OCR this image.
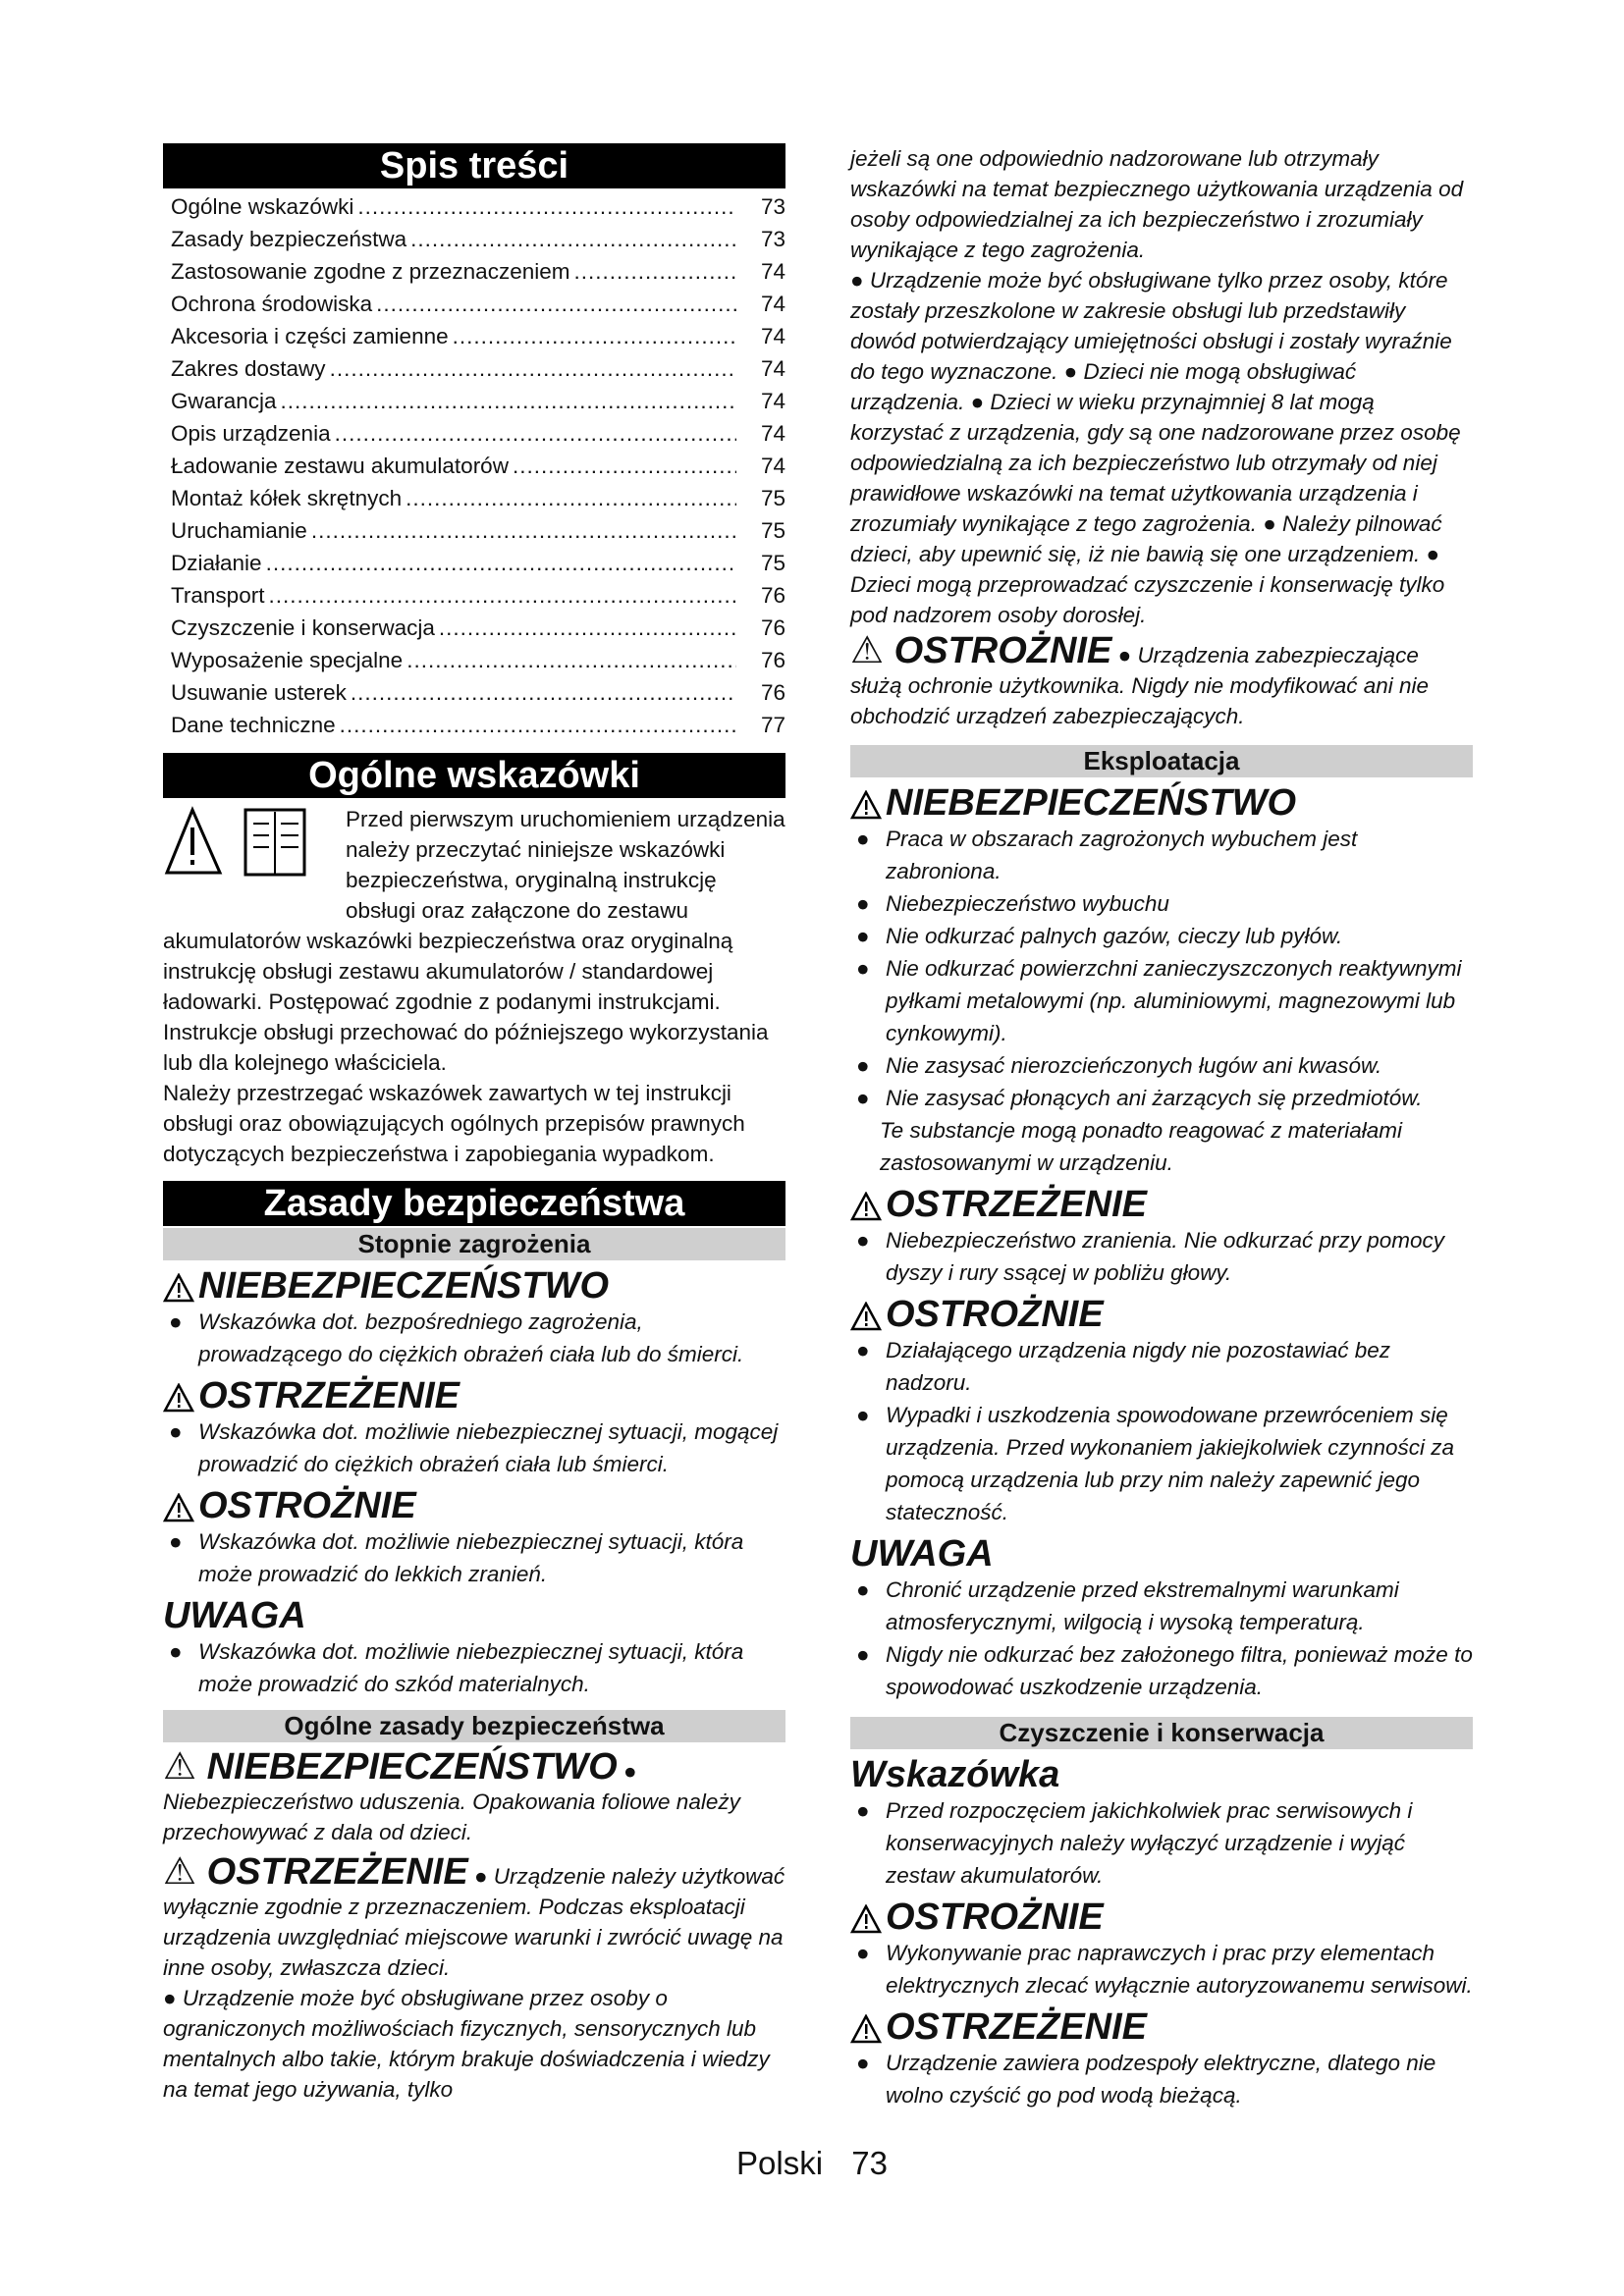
Spis treści
Ogólne wskazówki .....	73
Zasady bezpieczeństwa .....	73
Zastosowanie zgodne z przeznaczeniem .....	74
Ochrona środowiska .....	74
Akcesoria i części zamienne .....	74
Zakres dostawy .....	74
Gwarancja .....	74
Opis urządzenia .....	74
Ładowanie zestawu akumulatorów .....	74
Montaż kółek skrętnych .....	75
Uruchamianie .....	75
Działanie .....	75
Transport .....	76
Czyszczenie i konserwacja .....	76
Wyposażenie specjalne .....	76
Usuwanie usterek .....	76
Dane techniczne .....	77
Ogólne wskazówki

Przed pierwszym uruchomieniem urządzenia należy przeczytać niniejsze wskazówki bezpieczeństwa, oryginalną instrukcję obsługi oraz załączone do zestawu akumulatorów wskazówki bezpieczeństwa oraz oryginalną instrukcję obsługi zestawu akumulatorów / standardowej ładowarki. Postępować zgodnie z podanymi instrukcjami. Instrukcje obsługi przechować do późniejszego wykorzystania lub dla kolejnego właściciela.

Należy przestrzegać wskazówek zawartych w tej instrukcji obsługi oraz obowiązujących ogólnych przepisów prawnych dotyczących bezpieczeństwa i zapobiegania wypadkom.

Zasady bezpieczeństwa
Stopnie zagrożenia
NIEBEZPIECZEŃSTWO
● Wskazówka dot. bezpośredniego zagrożenia, prowadzącego do ciężkich obrażeń ciała lub do śmierci.
OSTRZEŻENIE
● Wskazówka dot. możliwie niebezpiecznej sytuacji, mogącej prowadzić do ciężkich obrażeń ciała lub śmierci.
OSTROŻNIE
● Wskazówka dot. możliwie niebezpiecznej sytuacji, która może prowadzić do lekkich zranień.
UWAGA
● Wskazówka dot. możliwie niebezpiecznej sytuacji, która może prowadzić do szkód materialnych.
Ogólne zasady bezpieczeństwa

⚠ NIEBEZPIECZEŃSTWO ● Niebezpieczeństwo uduszenia. Opakowania foliowe należy przechowywać z dala od dzieci.

⚠ OSTRZEŻENIE ● Urządzenie należy użytkować wyłącznie zgodnie z przeznaczeniem. Podczas eksploatacji urządzenia uwzględniać miejscowe warunki i zwrócić uwagę na inne osoby, zwłaszcza dzieci.

● Urządzenie może być obsługiwane przez osoby o ograniczonych możliwościach fizycznych, sensorycznych lub mentalnych albo takie, którym brakuje doświadczenia i wiedzy na temat jego używania, tylko

jeżeli są one odpowiednio nadzorowane lub otrzymały wskazówki na temat bezpiecznego użytkowania urządzenia od osoby odpowiedzialnej za ich bezpieczeństwo i zrozumiały wynikające z tego zagrożenia.

● Urządzenie może być obsługiwane tylko przez osoby, które zostały przeszkolone w zakresie obsługi lub przedstawiły dowód potwierdzający umiejętności obsługi i zostały wyraźnie do tego wyznaczone. ● Dzieci nie mogą obsługiwać urządzenia. ● Dzieci w wieku przynajmniej 8 lat mogą korzystać z urządzenia, gdy są one nadzorowane przez osobę odpowiedzialną za ich bezpieczeństwo lub otrzymały od niej prawidłowe wskazówki na temat użytkowania urządzenia i zrozumiały wynikające z tego zagrożenia. ● Należy pilnować dzieci, aby upewnić się, iż nie bawią się one urządzeniem. ● Dzieci mogą przeprowadzać czyszczenie i konserwację tylko pod nadzorem osoby dorosłej.

⚠ OSTROŻNIE ● Urządzenia zabezpieczające służą ochronie użytkownika. Nigdy nie modyfikować ani nie obchodzić urządzeń zabezpieczających.

Eksploatacja
NIEBEZPIECZEŃSTWO
● Praca w obszarach zagrożonych wybuchem jest zabroniona.
● Niebezpieczeństwo wybuchu
● Nie odkurzać palnych gazów, cieczy lub pyłów.
● Nie odkurzać powierzchni zanieczyszczonych reaktywnymi pyłkami metalowymi (np. aluminiowymi, magnezowymi lub cynkowymi).
● Nie zasysać nierozcieńczonych ługów ani kwasów.
● Nie zasysać płonących ani żarzących się przedmiotów.

Te substancje mogą ponadto reagować z materiałami zastosowanymi w urządzeniu.

OSTRZEŻENIE
● Niebezpieczeństwo zranienia. Nie odkurzać przy pomocy dyszy i rury ssącej w pobliżu głowy.
OSTROŻNIE
● Działającego urządzenia nigdy nie pozostawiać bez nadzoru.
● Wypadki i uszkodzenia spowodowane przewróceniem się urządzenia. Przed wykonaniem jakiejkolwiek czynności za pomocą urządzenia lub przy nim należy zapewnić jego stateczność.
UWAGA
● Chronić urządzenie przed ekstremalnymi warunkami atmosferycznymi, wilgocią i wysoką temperaturą.
● Nigdy nie odkurzać bez założonego filtra, ponieważ może to spowodować uszkodzenie urządzenia.
Czyszczenie i konserwacja
Wskazówka
● Przed rozpoczęciem jakichkolwiek prac serwisowych i konserwacyjnych należy wyłączyć urządzenie i wyjąć zestaw akumulatorów.
OSTROŻNIE
● Wykonywanie prac naprawczych i prac przy elementach elektrycznych zlecać wyłącznie autoryzowanemu serwisowi.
OSTRZEŻENIE
● Urządzenie zawiera podzespoły elektryczne, dlatego nie wolno czyścić go pod wodą bieżącą.
Polski 73
